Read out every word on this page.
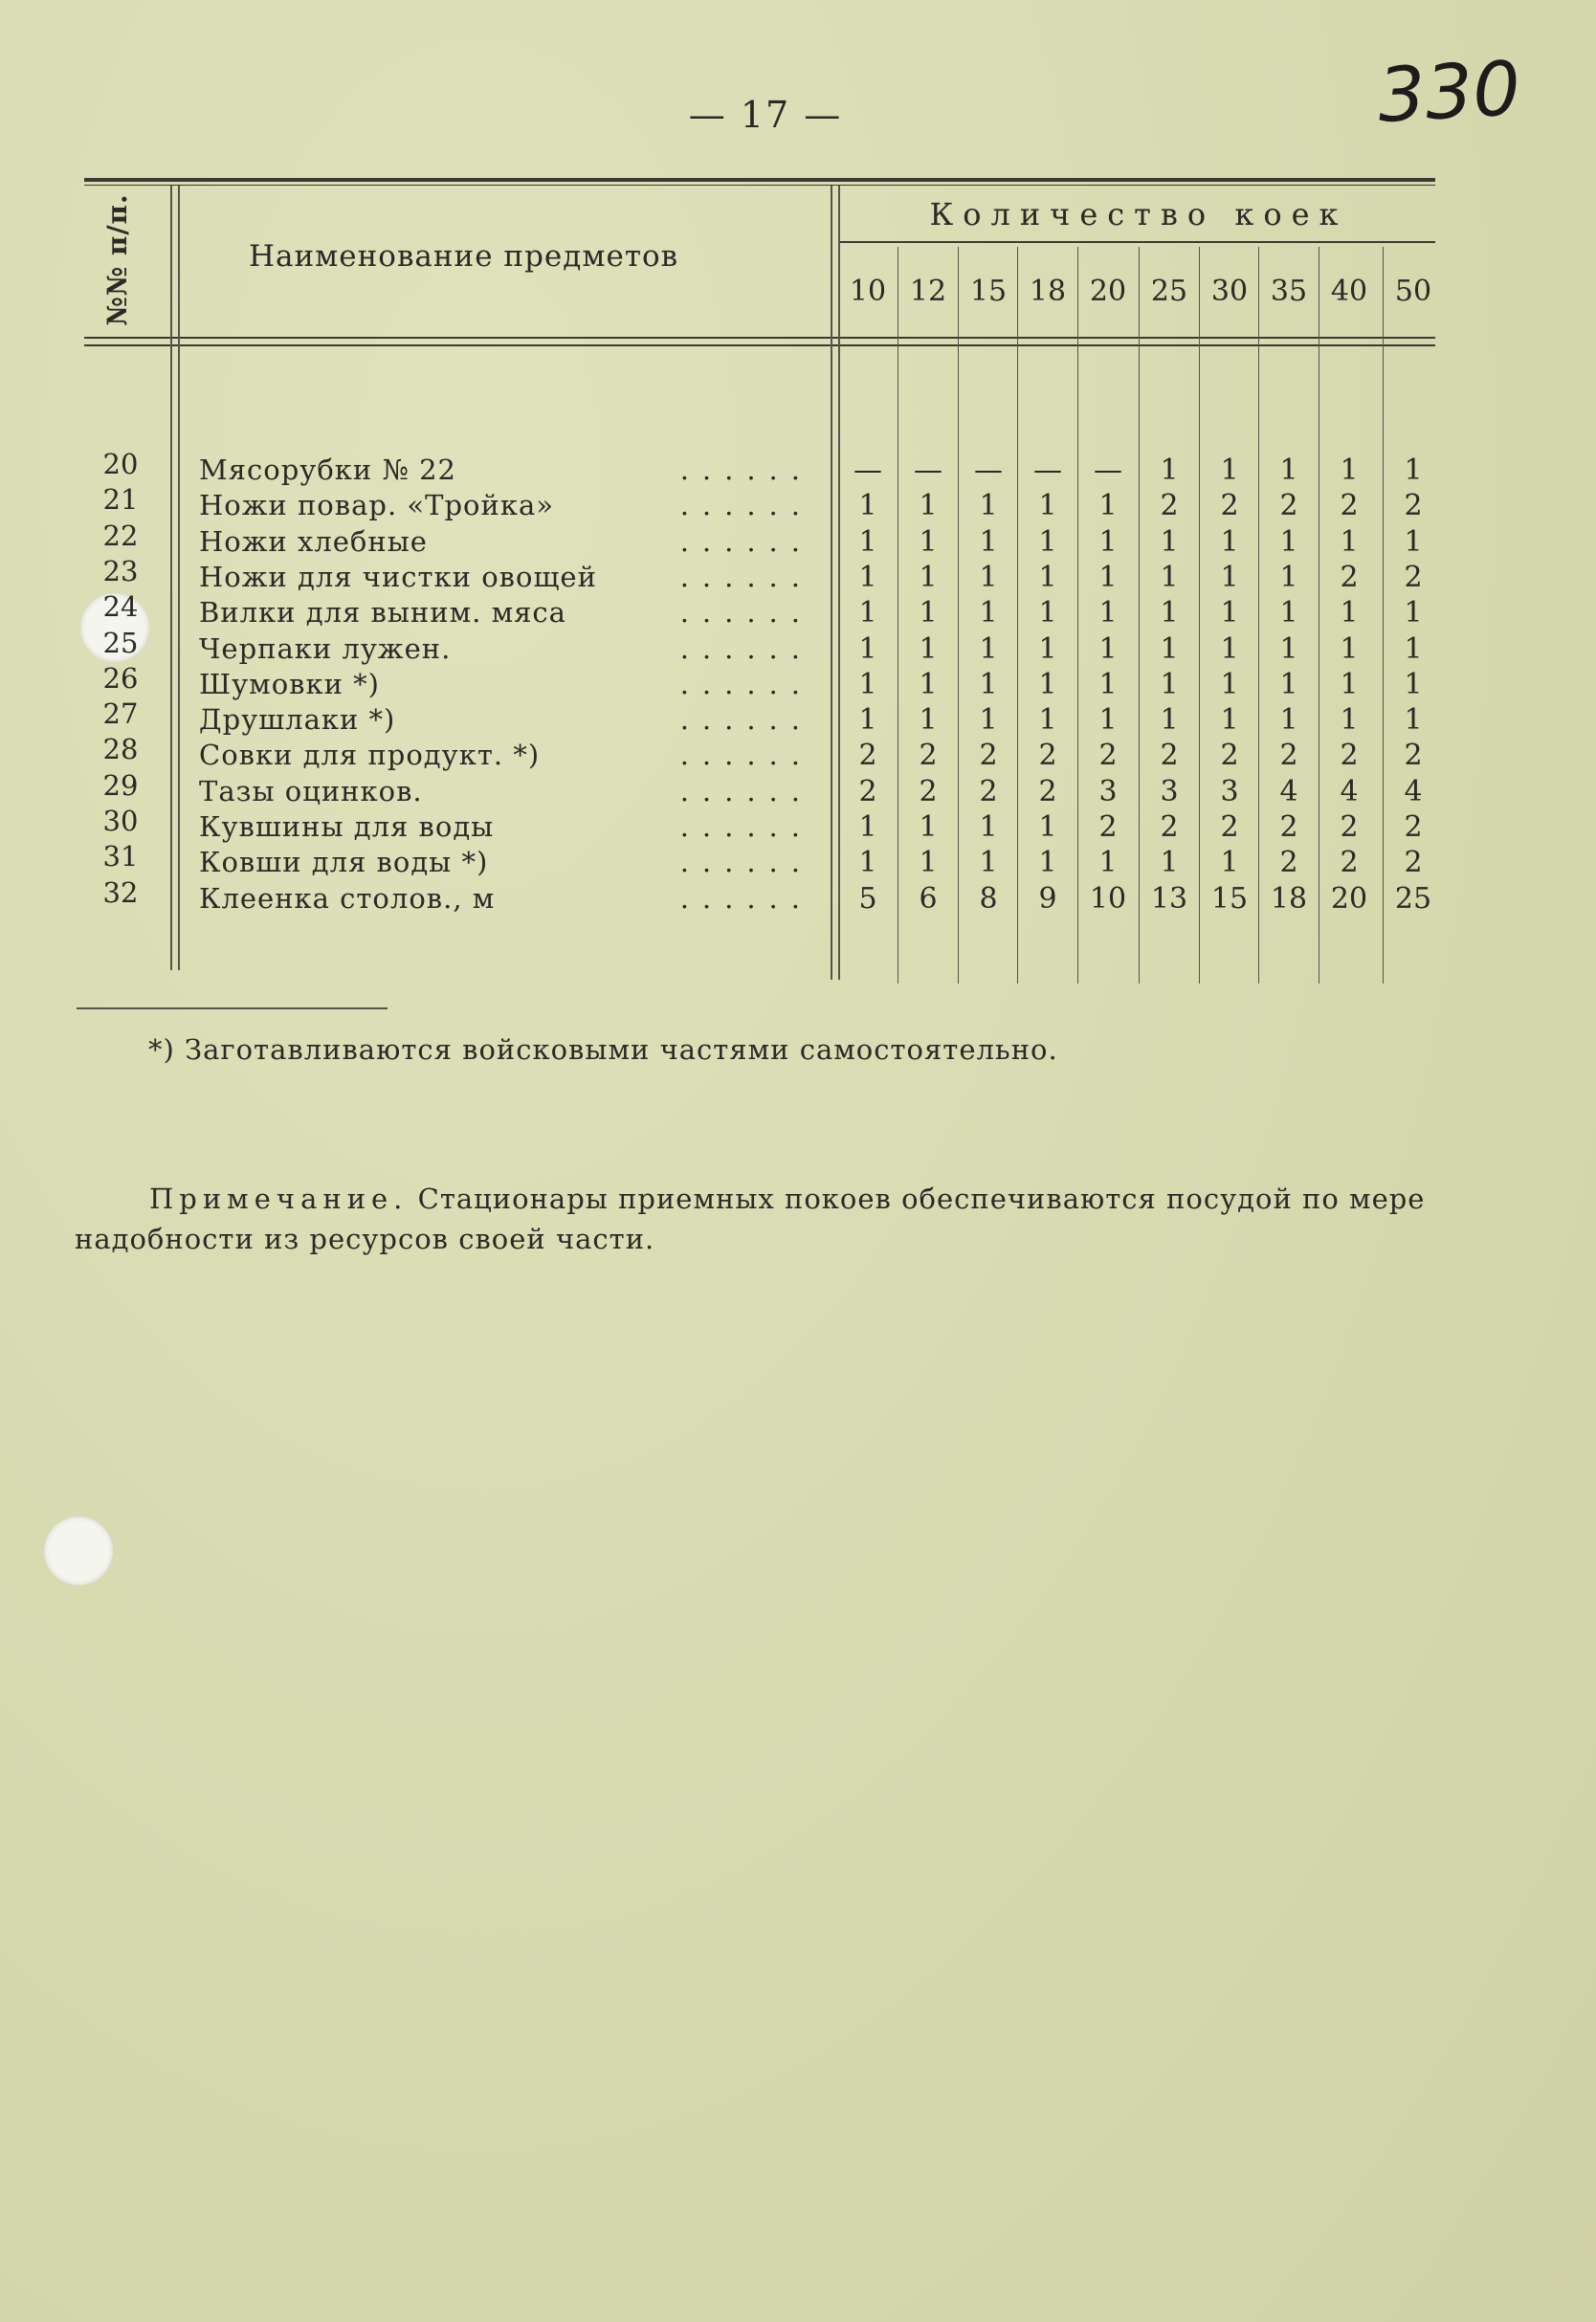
— 17 —	330
№№ п/п.	Наименование предметов
Количество коек
10 12 15 18 20 25 30 35 40 50
20	Мясорубки № 22	......	—	—	—	—	—	1	1	1	1	1
21	Ножи повар. «Тройка»	......	1	1	1	1	1	2	2	2	2	2
22	Ножи хлебные	......	1	1	1	1	1	1	1	1	1	1
23	Ножи для чистки овощей	......	1	1	1	1	1	1	1	1	2	2
24	Вилки для выним. мяса	......	1	1	1	1	1	1	1	1	1	1
25	Черпаки лужен.	......	1	1	1	1	1	1	1	1	1	1
26	Шумовки *)	......	1	1	1	1	1	1	1	1	1	1
27	Друшлаки *)	......	1	1	1	1	1	1	1	1	1	1
28	Совки для продукт. *)	......	2	2	2	2	2	2	2	2	2	2
29	Тазы оцинков.	......	2	2	2	2	3	3	3	4	4	4
30	Кувшины для воды	......	1	1	1	1	2	2	2	2	2	2
31	Ковши для воды *)	......	1	1	1	1	1	1	1	2	2	2
32	Клеенка столов., м	......	5	6	8	9	10 13 15 18 20 25
*) Заготавливаются войсковыми частями самостоятельно.
Примечание. Стационары приемных покоев обеспечиваются посудой по мере надобности из ресурсов своей части.
